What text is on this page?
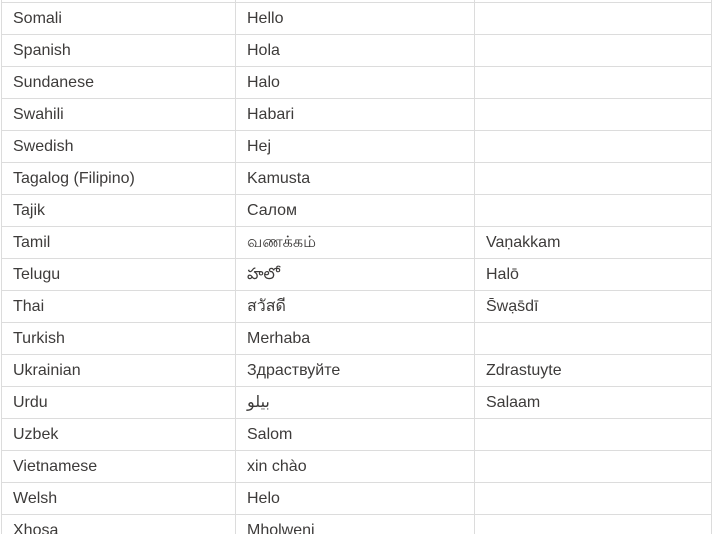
Somali	Hello	
Spanish	Hola	
Sundanese	Halo	
Swahili	Habari	
Swedish	Hej	
Tagalog (Filipino)	Kamusta	
Tajik	Салом	
Tamil	வணக்கம்	Vaṇakkam
Telugu	హలో	Halō
Thai	สวัสดี	S̄wạs̄dī
Turkish	Merhaba	
Ukrainian	Здраствуйте	Zdrastuyte
Urdu	بيلو	Salaam
Uzbek	Salom	
Vietnamese	xin chào	
Welsh	Helo	
Xhosa	Mholweni	
